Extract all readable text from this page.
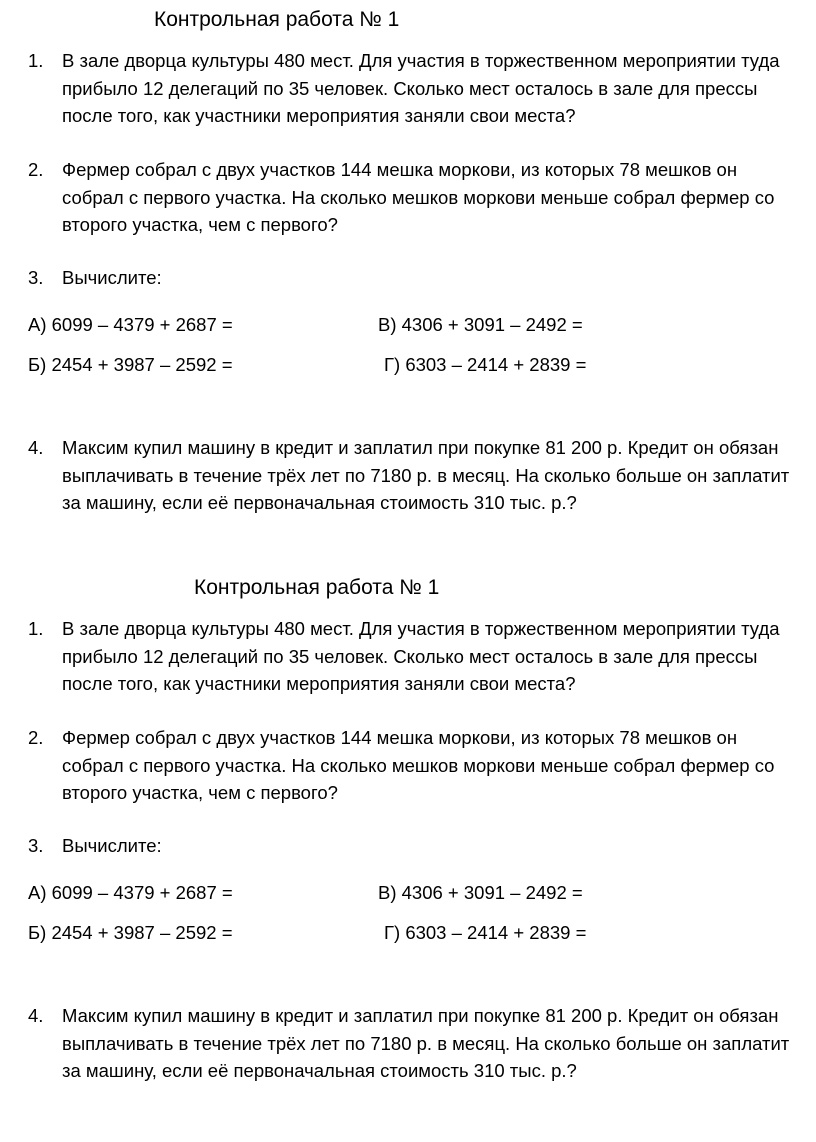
Контрольная работа № 1
1.	В зале дворца культуры 480 мест. Для участия в торжественном мероприятии туда
прибыло 12 делегаций по 35 человек. Сколько мест осталось в зале для прессы
после того, как участники мероприятия заняли свои места?
2.	Фермер собрал с двух участков 144 мешка моркови, из которых 78 мешков он
собрал с первого участка. На сколько мешков моркови меньше собрал фермер со
второго участка, чем с первого?
3.	Вычислите:
А) 6099 – 4379 + 2687 =	В) 4306 + 3091 – 2492 =
Б) 2454 + 3987 – 2592 =	Г) 6303 – 2414 + 2839 =
4.	Максим купил машину в кредит и заплатил при покупке 81 200 р. Кредит он обязан
выплачивать в течение трёх лет по 7180 р. в месяц. На сколько больше он заплатит
за машину, если её первоначальная стоимость 310 тыс. р.?
Контрольная работа № 1
1.	В зале дворца культуры 480 мест. Для участия в торжественном мероприятии туда
прибыло 12 делегаций по 35 человек. Сколько мест осталось в зале для прессы
после того, как участники мероприятия заняли свои места?
2.	Фермер собрал с двух участков 144 мешка моркови, из которых 78 мешков он
собрал с первого участка. На сколько мешков моркови меньше собрал фермер со
второго участка, чем с первого?
3.	Вычислите:
А) 6099 – 4379 + 2687 =	В) 4306 + 3091 – 2492 =
Б) 2454 + 3987 – 2592 =	Г) 6303 – 2414 + 2839 =
4.	Максим купил машину в кредит и заплатил при покупке 81 200 р. Кредит он обязан
выплачивать в течение трёх лет по 7180 р. в месяц. На сколько больше он заплатит
за машину, если её первоначальная стоимость 310 тыс. р.?
